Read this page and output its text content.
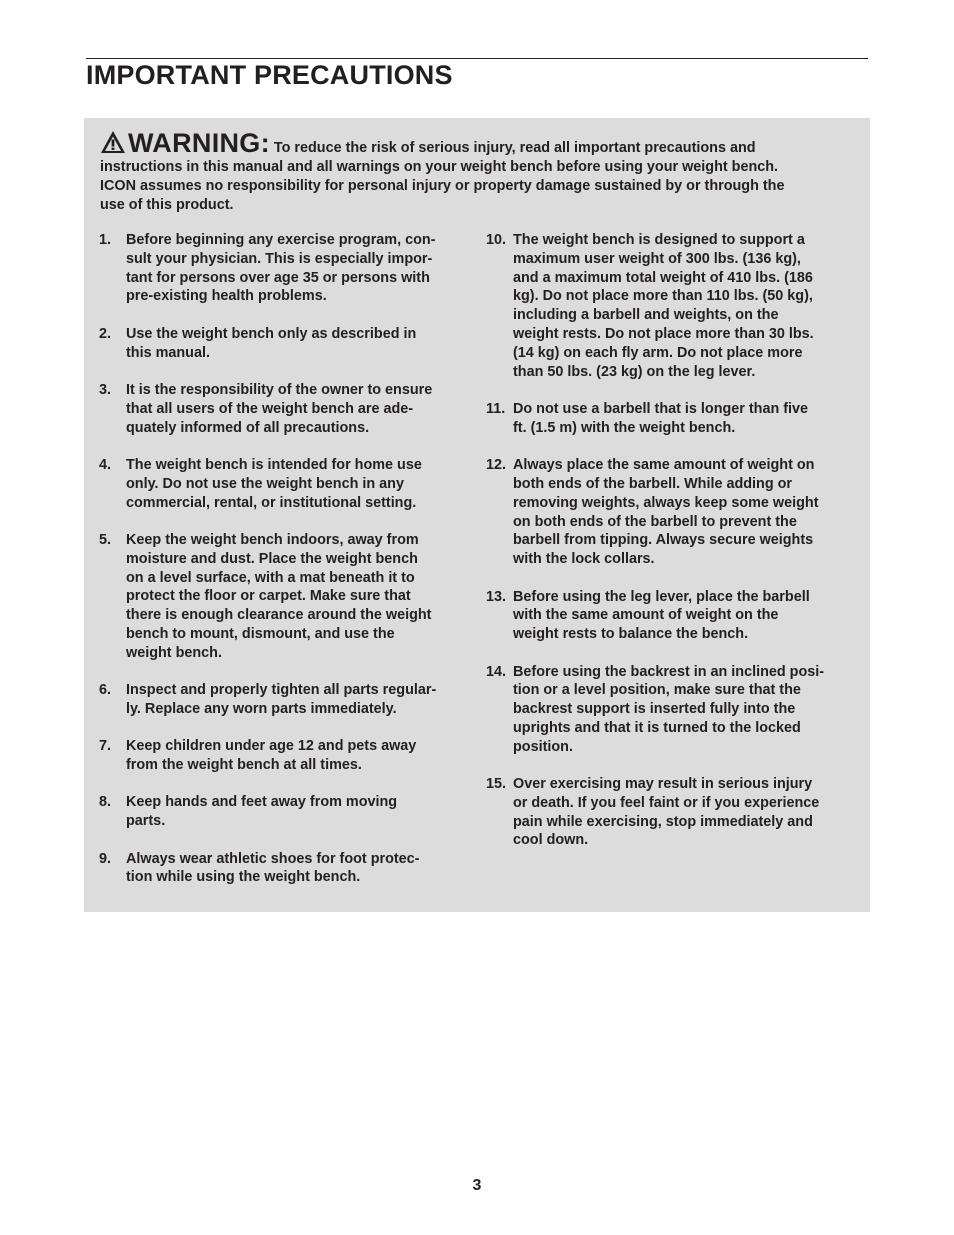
IMPORTANT PRECAUTIONS
WARNING: To reduce the risk of serious injury, read all important precautions and
instructions in this manual and all warnings on your weight bench before using your weight bench.
ICON assumes no responsibility for personal injury or property damage sustained by or through the
use of this product.
1. Before beginning any exercise program, con-
sult your physician. This is especially impor-
tant for persons over age 35 or persons with
pre-existing health problems.
2. Use the weight bench only as described in
this manual.
3. It is the responsibility of the owner to ensure
that all users of the weight bench are ade-
quately informed of all precautions.
4. The weight bench is intended for home use
only. Do not use the weight bench in any
commercial, rental, or institutional setting.
5. Keep the weight bench indoors, away from
moisture and dust. Place the weight bench
on a level surface, with a mat beneath it to
protect the floor or carpet. Make sure that
there is enough clearance around the weight
bench to mount, dismount, and use the
weight bench.
6. Inspect and properly tighten all parts regular-
ly. Replace any worn parts immediately.
7. Keep children under age 12 and pets away
from the weight bench at all times.
8. Keep hands and feet away from moving
parts.
9. Always wear athletic shoes for foot protec-
tion while using the weight bench.
10. The weight bench is designed to support a
maximum user weight of 300 lbs. (136 kg),
and a maximum total weight of 410 lbs. (186
kg). Do not place more than 110 lbs. (50 kg),
including a barbell and weights, on the
weight rests. Do not place more than 30 lbs.
(14 kg) on each fly arm. Do not place more
than 50 lbs. (23 kg) on the leg lever.
11. Do not use a barbell that is longer than five
ft. (1.5 m) with the weight bench.
12. Always place the same amount of weight on
both ends of the barbell. While adding or
removing weights, always keep some weight
on both ends of the barbell to prevent the
barbell from tipping. Always secure weights
with the lock collars.
13. Before using the leg lever, place the barbell
with the same amount of weight on the
weight rests to balance the bench.
14. Before using the backrest in an inclined posi-
tion or a level position, make sure that the
backrest support is inserted fully into the
uprights and that it is turned to the locked
position.
15. Over exercising may result in serious injury
or death. If you feel faint or if you experience
pain while exercising, stop immediately and
cool down.
3
